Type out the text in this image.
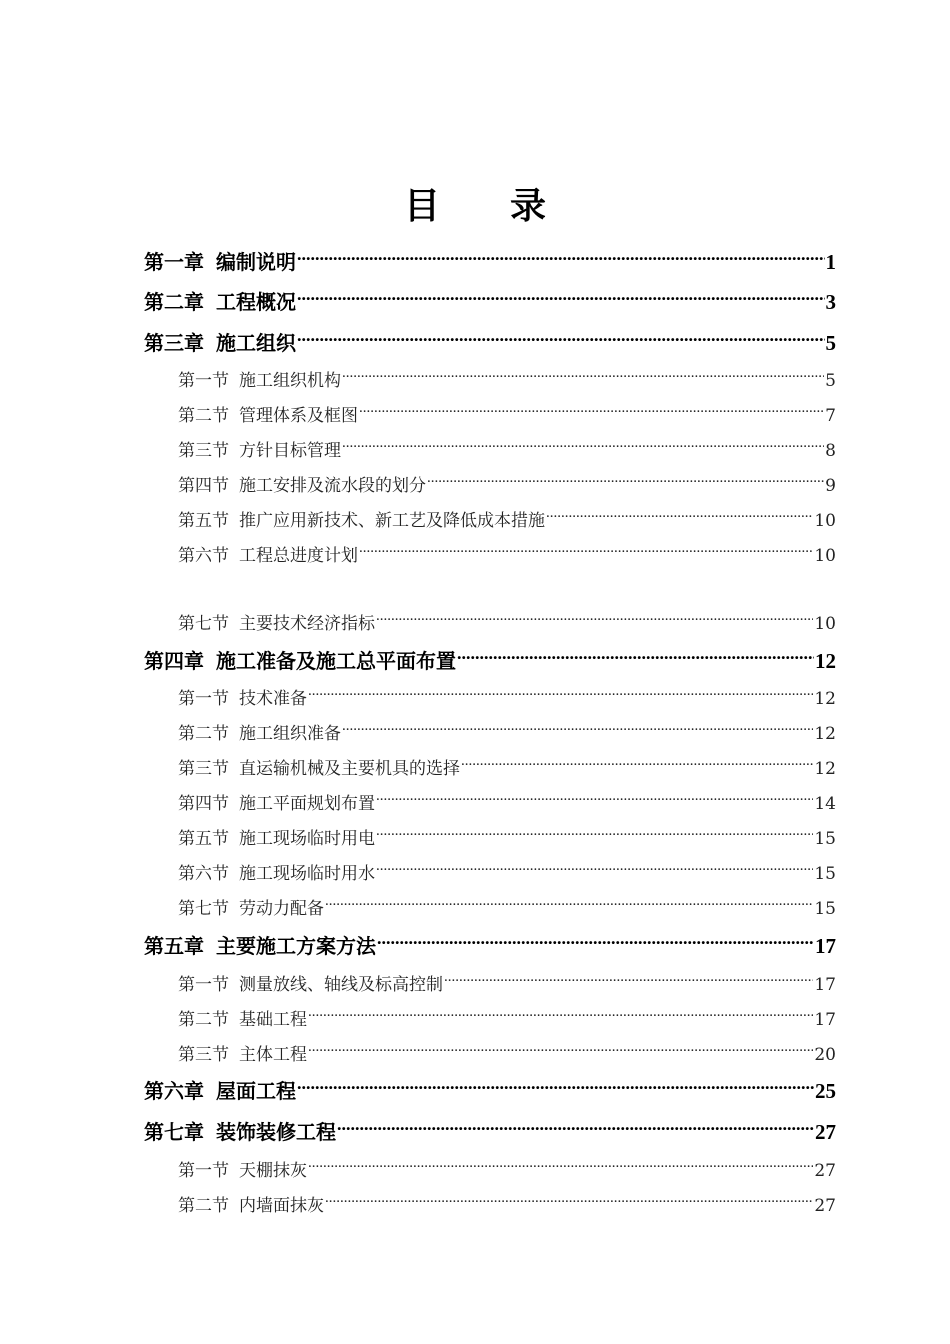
目 录
第一章 编制说明 .....	1
第二章 工程概况 .....	3
第三章 施工组织 .....	5
第一节 施工组织机构 .....	5
第二节 管理体系及框图 .....	7
第三节 方针目标管理 .....	8
第四节 施工安排及流水段的划分 .....	9
第五节 推广应用新技术、新工艺及降低成本措施 .....	10
第六节 工程总进度计划 .....	10
第七节 主要技术经济指标 .....	10
第四章 施工准备及施工总平面布置 .....	12
第一节 技术准备 .....	12
第二节 施工组织准备 .....	12
第三节 直运输机械及主要机具的选择 .....	12
第四节 施工平面规划布置 .....	14
第五节 施工现场临时用电 .....	15
第六节 施工现场临时用水 .....	15
第七节 劳动力配备 .....	15
第五章 主要施工方案方法 .....	17
第一节 测量放线、轴线及标高控制 .....	17
第二节 基础工程 .....	17
第三节 主体工程 .....	20
第六章 屋面工程 .....	25
第七章 装饰装修工程 .....	27
第一节 天棚抹灰 .....	27
第二节 内墙面抹灰 .....	27
